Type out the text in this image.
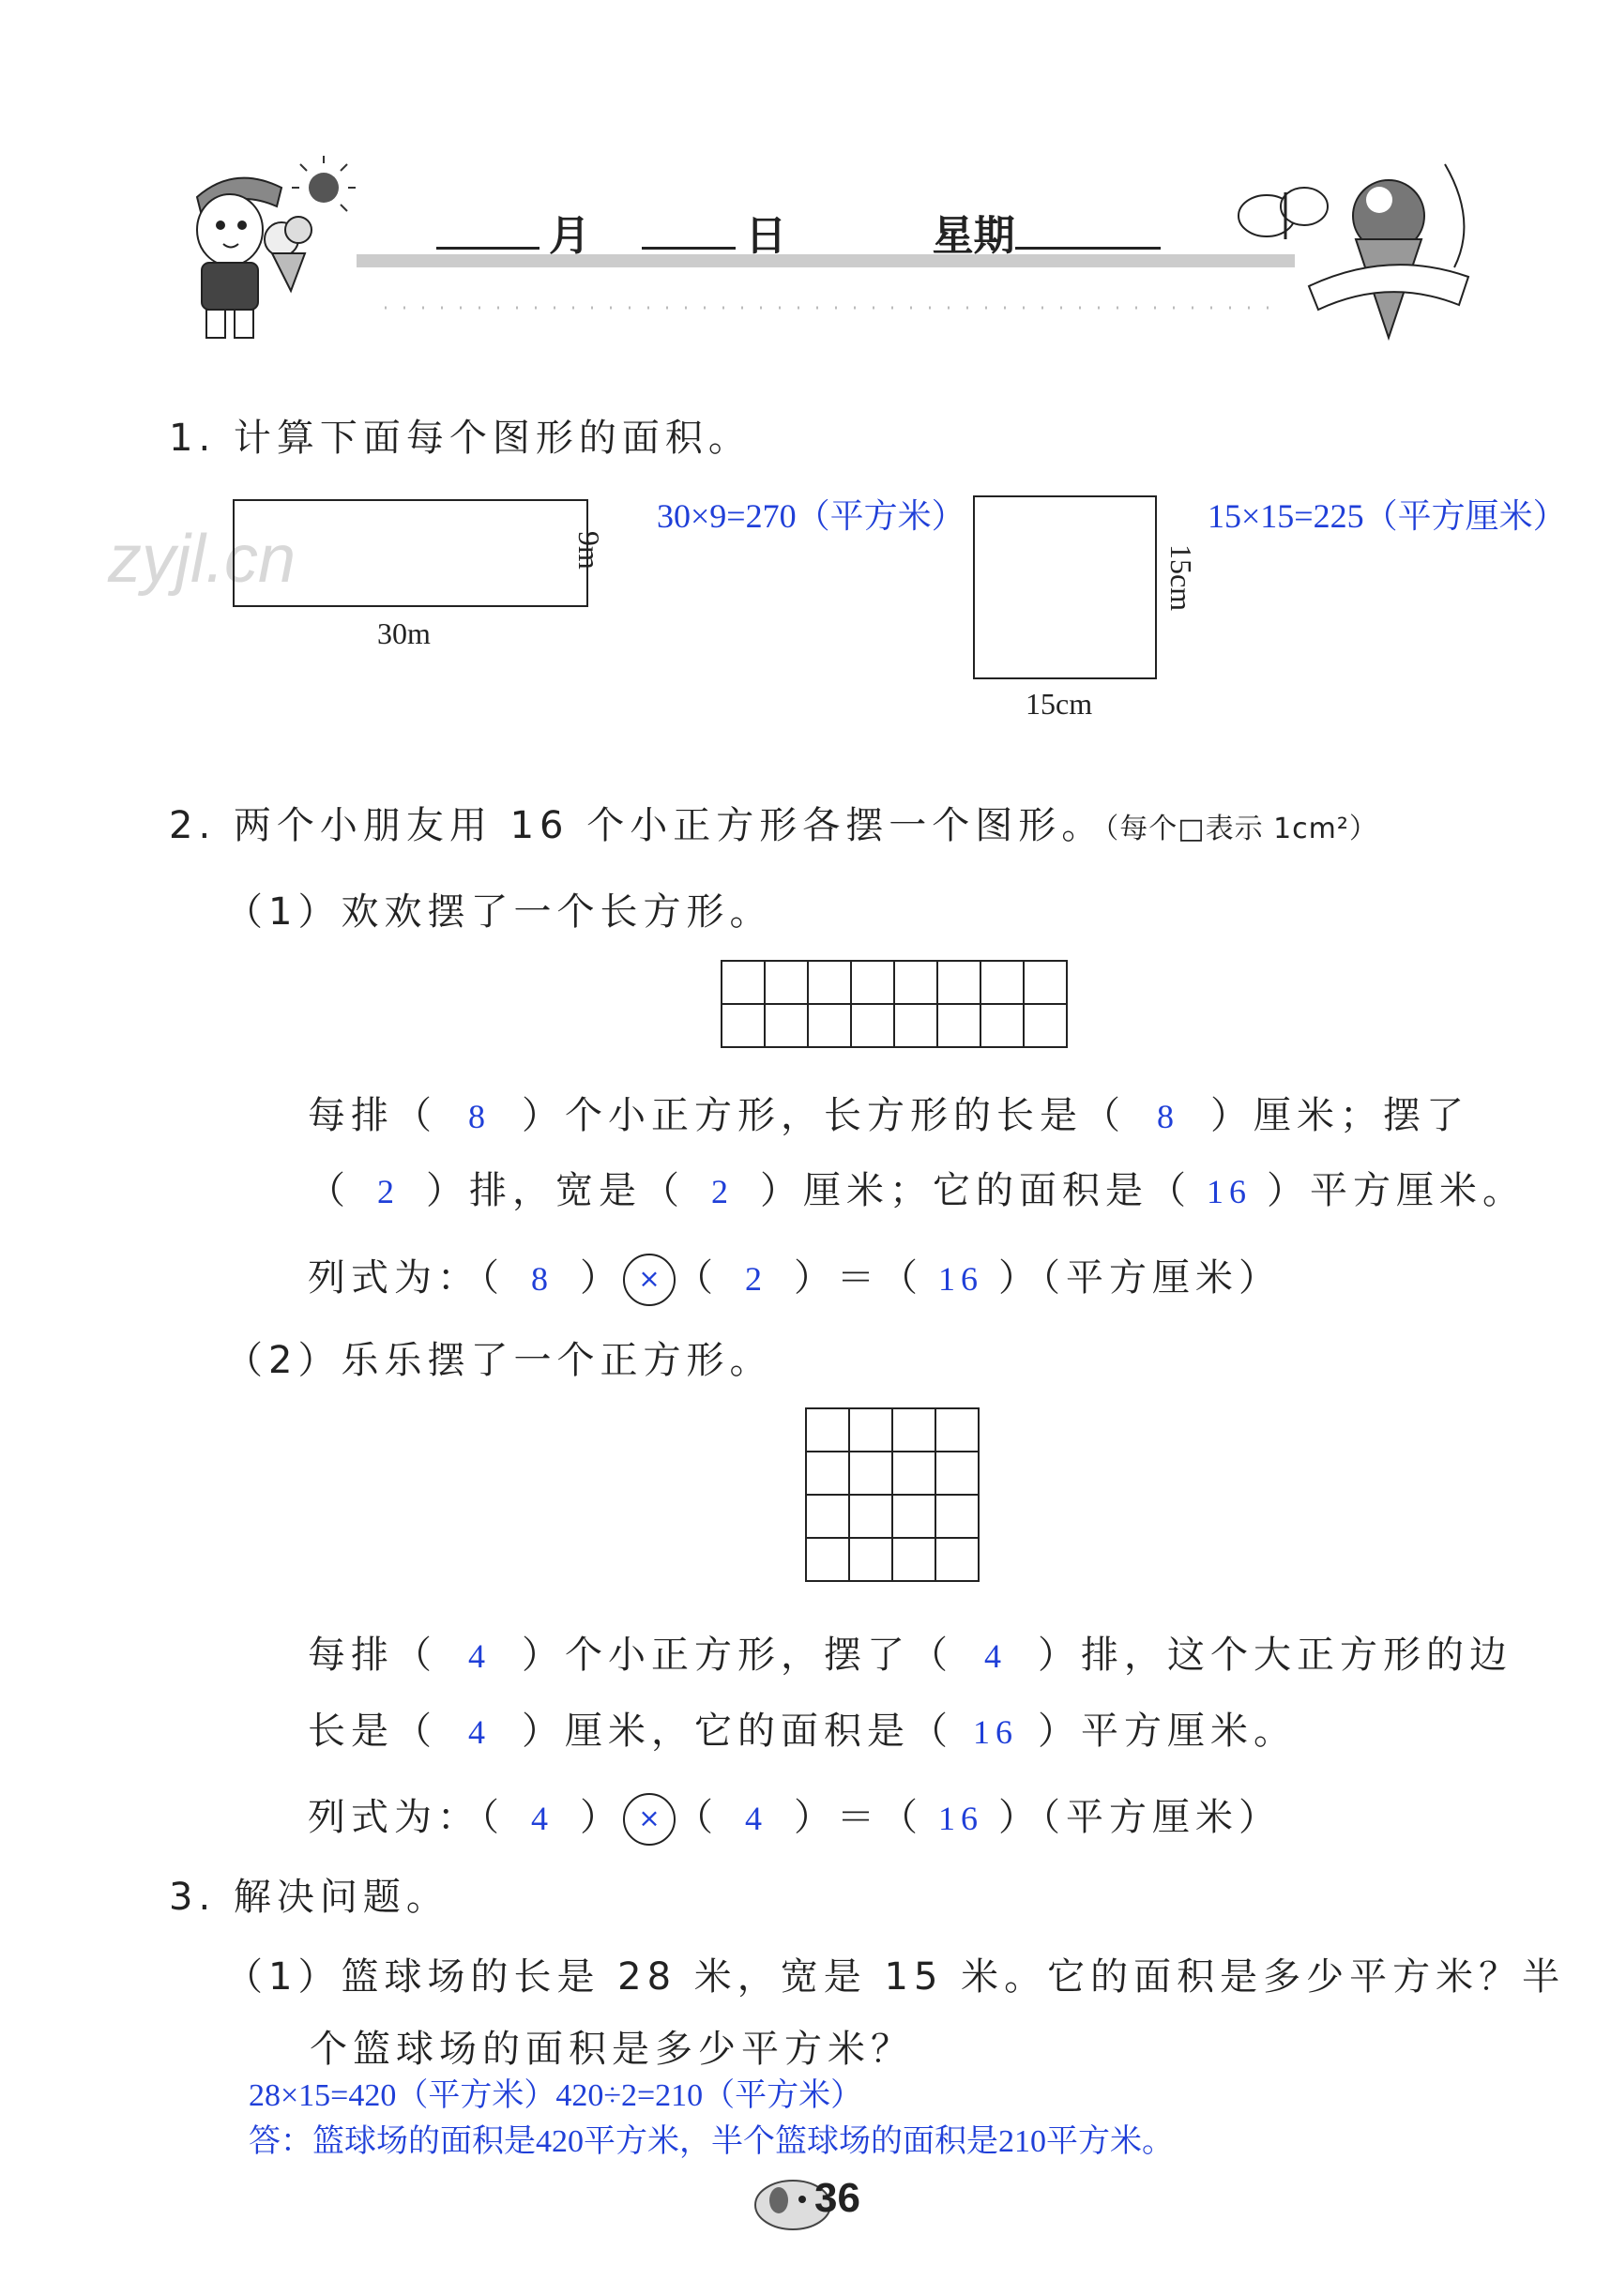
月	日	星期
zyjl.cn
1. 计算下面每个图形的面积。
30m
9m
30×9=270（平方米）
15cm
15cm
15×15=225（平方厘米）
2. 两个小朋友用 16 个小正方形各摆一个图形。（每个□表示 1cm²）
（1）欢欢摆了一个长方形。
每排（ 8 ）个小正方形，长方形的长是（ 8 ）厘米；摆了
（ 2 ）排，宽是（ 2 ）厘米；它的面积是（ 16 ）平方厘米。
列式为：（ 8 ） × （ 2 ）＝（ 16 ）（平方厘米）
（2）乐乐摆了一个正方形。
每排（ 4 ）个小正方形，摆了（ 4 ）排，这个大正方形的边
长是（ 4 ）厘米，它的面积是（ 16 ）平方厘米。
列式为：（ 4 ） × （ 4 ）＝（ 16 ）（平方厘米）
3. 解决问题。
（1）篮球场的长是 28 米，宽是 15 米。它的面积是多少平方米？半
个篮球场的面积是多少平方米？
28×15=420（平方米）420÷2=210（平方米）
答：篮球场的面积是420平方米，半个篮球场的面积是210平方米。
36
